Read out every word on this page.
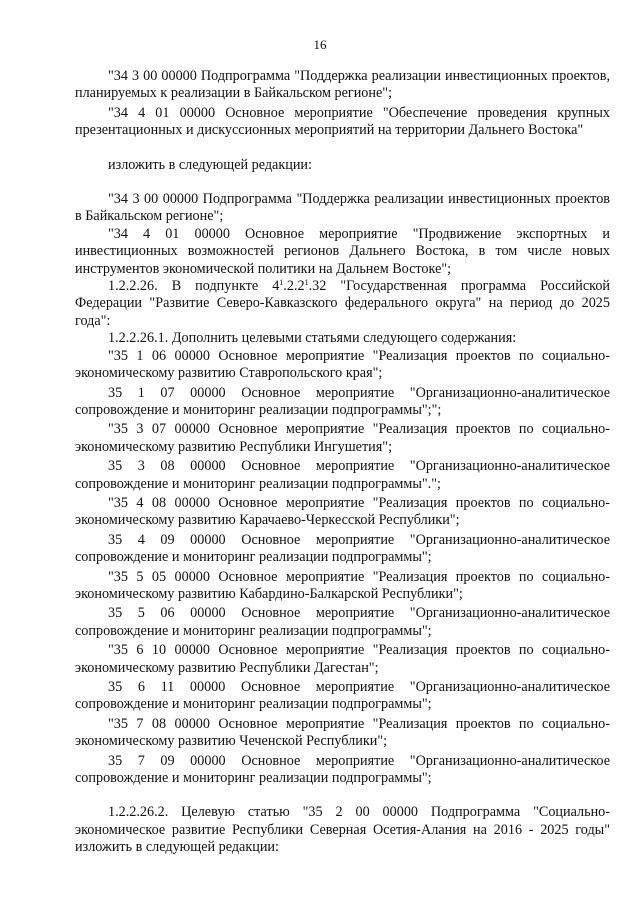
16

"34 3 00 00000 Подпрограмма "Поддержка реализации инвестиционных проектов, планируемых к реализации в Байкальском регионе";

"34 4 01 00000 Основное мероприятие "Обеспечение проведения крупных презентационных и дискуссионных мероприятий на территории Дальнего Востока"

изложить в следующей редакции:

"34 3 00 00000 Подпрограмма "Поддержка реализации инвестиционных проектов в Байкальском регионе";

"34 4 01 00000 Основное мероприятие "Продвижение экспортных и инвестиционных возможностей регионов Дальнего Востока, в том числе новых инструментов экономической политики на Дальнем Востоке";

1.2.2.26. В подпункте $4^1.2.2^1.32$ "Государственная программа Российской Федерации "Развитие Северо-Кавказского федерального округа" на период до 2025 года":

1.2.2.26.1. Дополнить целевыми статьями следующего содержания:

"35 1 06 00000 Основное мероприятие "Реализация проектов по социально-экономическому развитию Ставропольского края";

35 1 07 00000 Основное мероприятие "Организационно-аналитическое сопровождение и мониторинг реализации подпрограммы";";

"35 3 07 00000 Основное мероприятие "Реализация проектов по социально-экономическому развитию Республики Ингушетия";

35 3 08 00000 Основное мероприятие "Организационно-аналитическое сопровождение и мониторинг реализации подпрограммы".";

"35 4 08 00000 Основное мероприятие "Реализация проектов по социально-экономическому развитию Карачаево-Черкесской Республики";

35 4 09 00000 Основное мероприятие "Организационно-аналитическое сопровождение и мониторинг реализации подпрограммы";

"35 5 05 00000 Основное мероприятие "Реализация проектов по социально-экономическому развитию Кабардино-Балкарской Республики";

35 5 06 00000 Основное мероприятие "Организационно-аналитическое сопровождение и мониторинг реализации подпрограммы";

"35 6 10 00000 Основное мероприятие "Реализация проектов по социально-экономическому развитию Республики Дагестан";

35 6 11 00000 Основное мероприятие "Организационно-аналитическое сопровождение и мониторинг реализации подпрограммы";

"35 7 08 00000 Основное мероприятие "Реализация проектов по социально-экономическому развитию Чеченской Республики";

35 7 09 00000 Основное мероприятие "Организационно-аналитическое сопровождение и мониторинг реализации подпрограммы";

1.2.2.26.2. Целевую статью "35 2 00 00000 Подпрограмма "Социально-экономическое развитие Республики Северная Осетия-Алания на 2016 - 2025 годы" изложить в следующей редакции:
